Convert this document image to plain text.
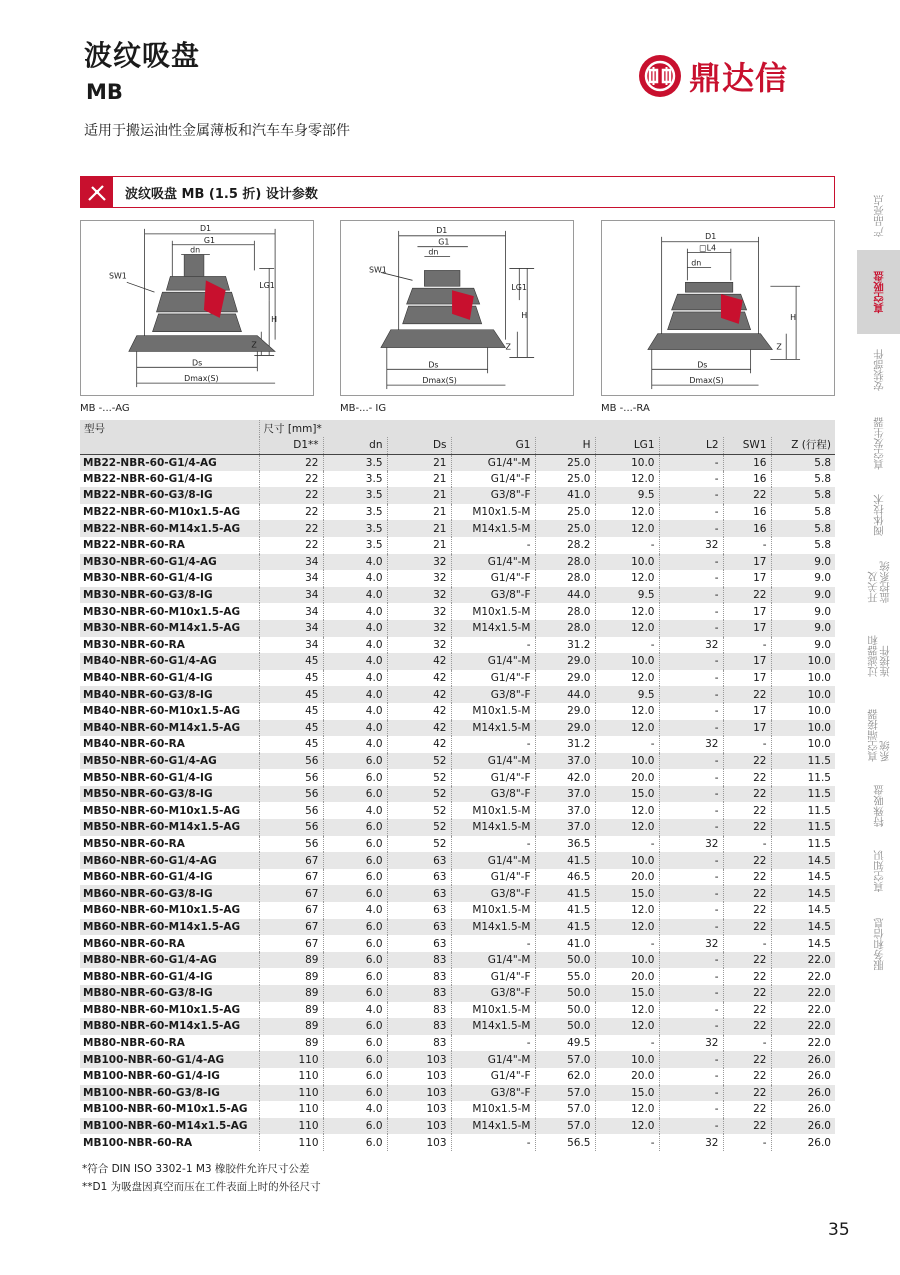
波纹吸盘
MB
适用于搬运油性金属薄板和汽车车身零部件
鼎达信
波纹吸盘 MB (1.5 折) 设计参数
D1
G1
dn
SW1
LG1
H
Z
Ds
Dmax(S)
MB -...-AG
D1
G1
dn
SW1
LG1
H
Z
Ds
Dmax(S)
MB-...- IG
D1
□L4
dn
H
Z
Ds
Dmax(S)
MB -...-RA
型号	尺寸 [mm]*								
	D1**	dn	Ds	G1	H	LG1	L2	SW1	Z (行程)
MB22-NBR-60-G1/4-AG	22	3.5	21	G1/4"-M	25.0	10.0	-	16	5.8
MB22-NBR-60-G1/4-IG	22	3.5	21	G1/4"-F	25.0	12.0	-	16	5.8
MB22-NBR-60-G3/8-IG	22	3.5	21	G3/8"-F	41.0	9.5	-	22	5.8
MB22-NBR-60-M10x1.5-AG	22	3.5	21	M10x1.5-M	25.0	12.0	-	16	5.8
MB22-NBR-60-M14x1.5-AG	22	3.5	21	M14x1.5-M	25.0	12.0	-	16	5.8
MB22-NBR-60-RA	22	3.5	21	-	28.2	-	32	-	5.8
MB30-NBR-60-G1/4-AG	34	4.0	32	G1/4"-M	28.0	10.0	-	17	9.0
MB30-NBR-60-G1/4-IG	34	4.0	32	G1/4"-F	28.0	12.0	-	17	9.0
MB30-NBR-60-G3/8-IG	34	4.0	32	G3/8"-F	44.0	9.5	-	22	9.0
MB30-NBR-60-M10x1.5-AG	34	4.0	32	M10x1.5-M	28.0	12.0	-	17	9.0
MB30-NBR-60-M14x1.5-AG	34	4.0	32	M14x1.5-M	28.0	12.0	-	17	9.0
MB30-NBR-60-RA	34	4.0	32	-	31.2	-	32	-	9.0
MB40-NBR-60-G1/4-AG	45	4.0	42	G1/4"-M	29.0	10.0	-	17	10.0
MB40-NBR-60-G1/4-IG	45	4.0	42	G1/4"-F	29.0	12.0	-	17	10.0
MB40-NBR-60-G3/8-IG	45	4.0	42	G3/8"-F	44.0	9.5	-	22	10.0
MB40-NBR-60-M10x1.5-AG	45	4.0	42	M10x1.5-M	29.0	12.0	-	17	10.0
MB40-NBR-60-M14x1.5-AG	45	4.0	42	M14x1.5-M	29.0	12.0	-	17	10.0
MB40-NBR-60-RA	45	4.0	42	-	31.2	-	32	-	10.0
MB50-NBR-60-G1/4-AG	56	6.0	52	G1/4"-M	37.0	10.0	-	22	11.5
MB50-NBR-60-G1/4-IG	56	6.0	52	G1/4"-F	42.0	20.0	-	22	11.5
MB50-NBR-60-G3/8-IG	56	6.0	52	G3/8"-F	37.0	15.0	-	22	11.5
MB50-NBR-60-M10x1.5-AG	56	4.0	52	M10x1.5-M	37.0	12.0	-	22	11.5
MB50-NBR-60-M14x1.5-AG	56	6.0	52	M14x1.5-M	37.0	12.0	-	22	11.5
MB50-NBR-60-RA	56	6.0	52	-	36.5	-	32	-	11.5
MB60-NBR-60-G1/4-AG	67	6.0	63	G1/4"-M	41.5	10.0	-	22	14.5
MB60-NBR-60-G1/4-IG	67	6.0	63	G1/4"-F	46.5	20.0	-	22	14.5
MB60-NBR-60-G3/8-IG	67	6.0	63	G3/8"-F	41.5	15.0	-	22	14.5
MB60-NBR-60-M10x1.5-AG	67	4.0	63	M10x1.5-M	41.5	12.0	-	22	14.5
MB60-NBR-60-M14x1.5-AG	67	6.0	63	M14x1.5-M	41.5	12.0	-	22	14.5
MB60-NBR-60-RA	67	6.0	63	-	41.0	-	32	-	14.5
MB80-NBR-60-G1/4-AG	89	6.0	83	G1/4"-M	50.0	10.0	-	22	22.0
MB80-NBR-60-G1/4-IG	89	6.0	83	G1/4"-F	55.0	20.0	-	22	22.0
MB80-NBR-60-G3/8-IG	89	6.0	83	G3/8"-F	50.0	15.0	-	22	22.0
MB80-NBR-60-M10x1.5-AG	89	4.0	83	M10x1.5-M	50.0	12.0	-	22	22.0
MB80-NBR-60-M14x1.5-AG	89	6.0	83	M14x1.5-M	50.0	12.0	-	22	22.0
MB80-NBR-60-RA	89	6.0	83	-	49.5	-	32	-	22.0
MB100-NBR-60-G1/4-AG	110	6.0	103	G1/4"-M	57.0	10.0	-	22	26.0
MB100-NBR-60-G1/4-IG	110	6.0	103	G1/4"-F	62.0	20.0	-	22	26.0
MB100-NBR-60-G3/8-IG	110	6.0	103	G3/8"-F	57.0	15.0	-	22	26.0
MB100-NBR-60-M10x1.5-AG	110	4.0	103	M10x1.5-M	57.0	12.0	-	22	26.0
MB100-NBR-60-M14x1.5-AG	110	6.0	103	M14x1.5-M	57.0	12.0	-	22	26.0
MB100-NBR-60-RA	110	6.0	103	-	56.5	-	32	-	26.0
*符合 DIN ISO 3302-1 M3 橡胶件允许尺寸公差
**D1 为吸盘因真空而压在工件表面上时的外径尺寸
产品亮点
真空吸盘
安装部件
真空发生器
阀体技术
开关及
监控系统
过滤器和
连接件
真空端接器
系统
特殊吸盘
真空知识
服务和信息
35
